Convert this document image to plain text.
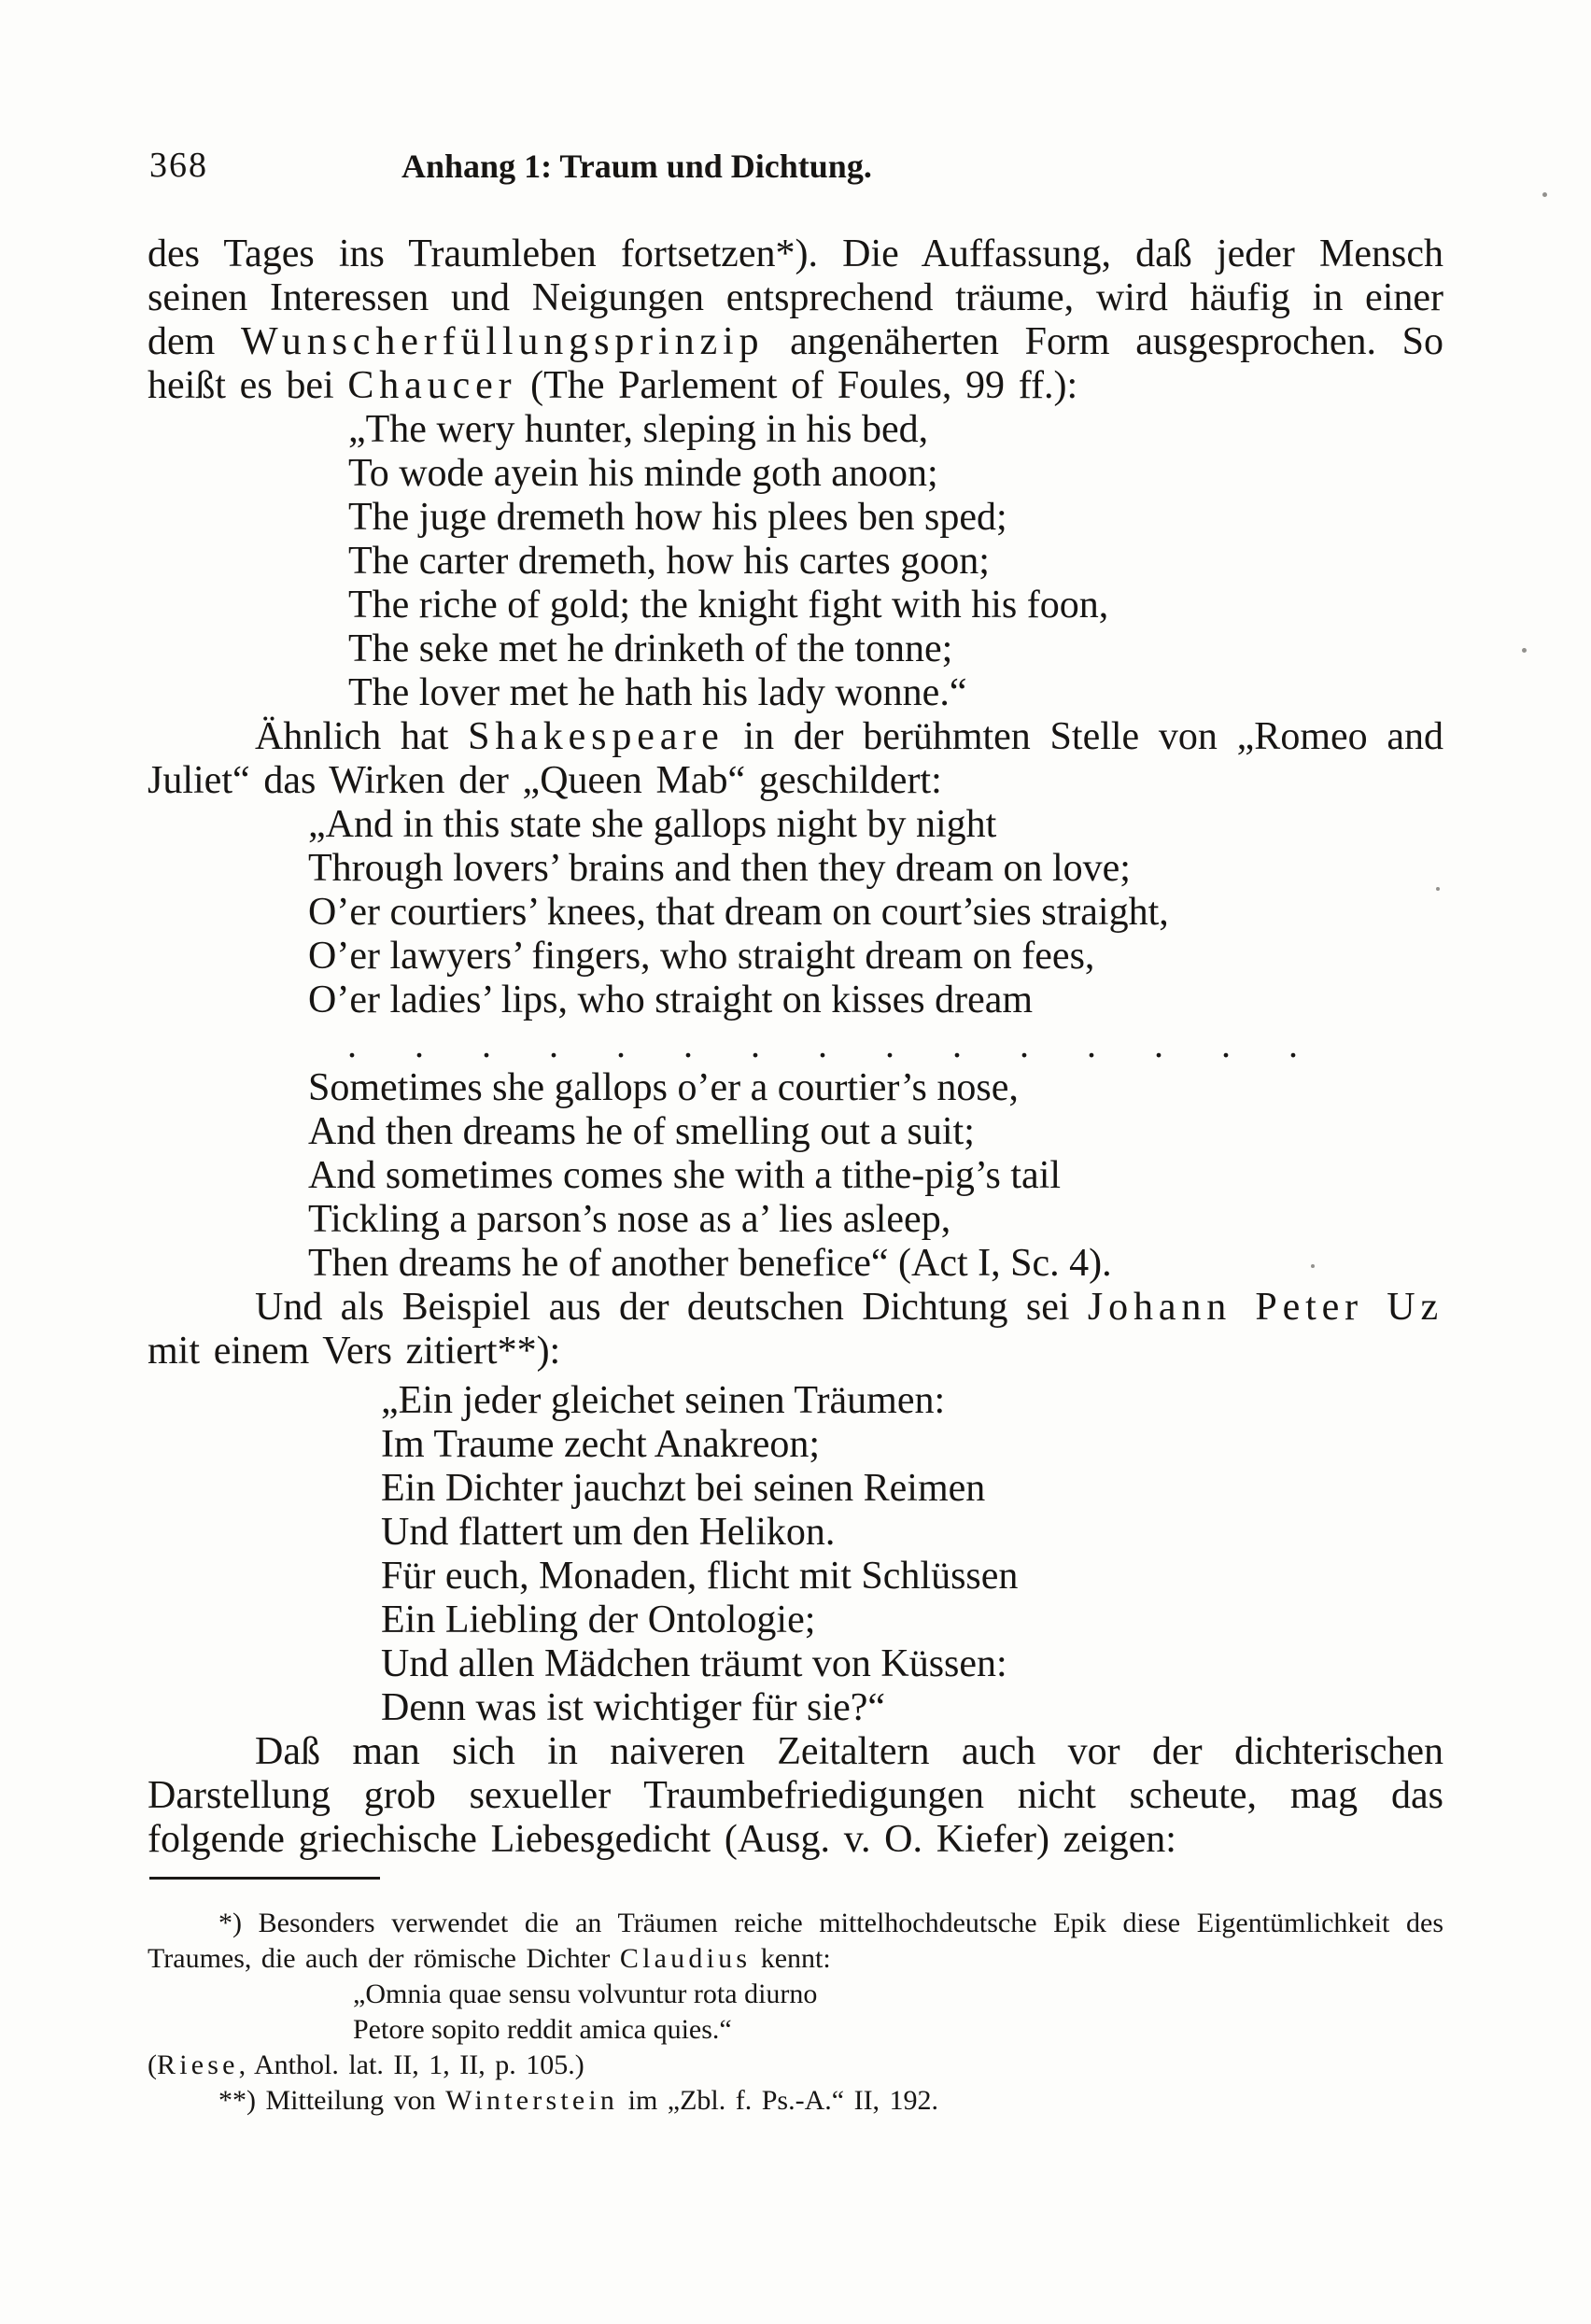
368	Anhang 1: Traum und Dichtung.

des Tages ins Traumleben fortsetzen*). Die Auffassung, daß jeder Mensch seinen Interessen und Neigungen entsprechend träume, wird häufig in einer dem Wunscherfüllungsprinzip angenäherten Form ausgesprochen. So heißt es bei Chaucer (The Parlement of Foules, 99 ff.):

„The wery hunter, sleping in his bed,
To wode ayein his minde goth anoon;
The juge dremeth how his plees ben sped;
The carter dremeth, how his cartes goon;
The riche of gold; the knight fight with his foon,
The seke met he drinketh of the tonne;
The lover met he hath his lady wonne.“

Ähnlich hat Shakespeare in der berühmten Stelle von „Romeo and Juliet“ das Wirken der „Queen Mab“ geschildert:

„And in this state she gallops night by night
Through lovers’ brains and then they dream on love;
O’er courtiers’ knees, that dream on court’sies straight,
O’er lawyers’ fingers, who straight dream on fees,
O’er ladies’ lips, who straight on kisses dream
. . . . . . . . . . . . . . .
Sometimes she gallops o’er a courtier’s nose,
And then dreams he of smelling out a suit;
And sometimes comes she with a tithe-pig’s tail
Tickling a parson’s nose as a’ lies asleep,
Then dreams he of another benefice“ (Act I, Sc. 4).

Und als Beispiel aus der deutschen Dichtung sei Johann Peter Uz mit einem Vers zitiert**):

„Ein jeder gleichet seinen Träumen:
Im Traume zecht Anakreon;
Ein Dichter jauchzt bei seinen Reimen
Und flattert um den Helikon.
Für euch, Monaden, flicht mit Schlüssen
Ein Liebling der Ontologie;
Und allen Mädchen träumt von Küssen:
Denn was ist wichtiger für sie?“

Daß man sich in naiveren Zeitaltern auch vor der dichterischen Darstellung grob sexueller Traumbefriedigungen nicht scheute, mag das folgende griechische Liebesgedicht (Ausg. v. O. Kiefer) zeigen:

*) Besonders verwendet die an Träumen reiche mittelhochdeutsche Epik diese Eigentümlichkeit des Traumes, die auch der römische Dichter Claudius kennt:

„Omnia quae sensu volvuntur rota diurno
Petore sopito reddit amica quies.“

(Riese, Anthol. lat. II, 1, II, p. 105.)

**) Mitteilung von Winterstein im „Zbl. f. Ps.-A.“ II, 192.
